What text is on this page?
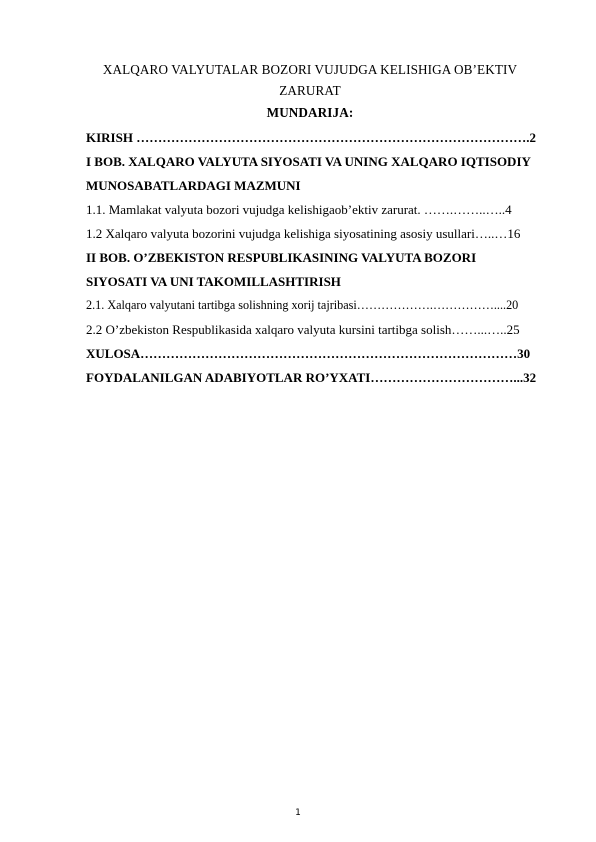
XALQARO VALYUTALAR BOZORI VUJUDGA KELISHIGA OB’EKTIV

ZARURAT

MUNDARIJA:

KIRISH ……………………………………………………………………………….2
I BOB. XALQARO VALYUTA SIYOSATI VA UNING XALQARO IQTISODIY
MUNOSABATLARDAGI MAZMUNI
1.1. Mamlakat valyuta bozori vujudga kelishigaob’ektiv zarurat. …….……..…..4
1.2 Xalqaro valyuta bozorini vujudga kelishiga siyosatining asosiy usullari…..…16
II BOB. O’ZBEKISTON RESPUBLIKASINING VALYUTA BOZORI
SIYOSATI VA UNI TAKOMILLASHTIRISH
2.1. Xalqaro valyutani tartibga solishning xorij tajribasi……………….……………....20
2.2 O’zbekiston Respublikasida xalqaro valyuta kursini tartibga solish……...…..25
XULOSA……………………………………………………………………………30
FOYDALANILGAN ADABIYOTLAR RO’YXATI……………………………...32
1
